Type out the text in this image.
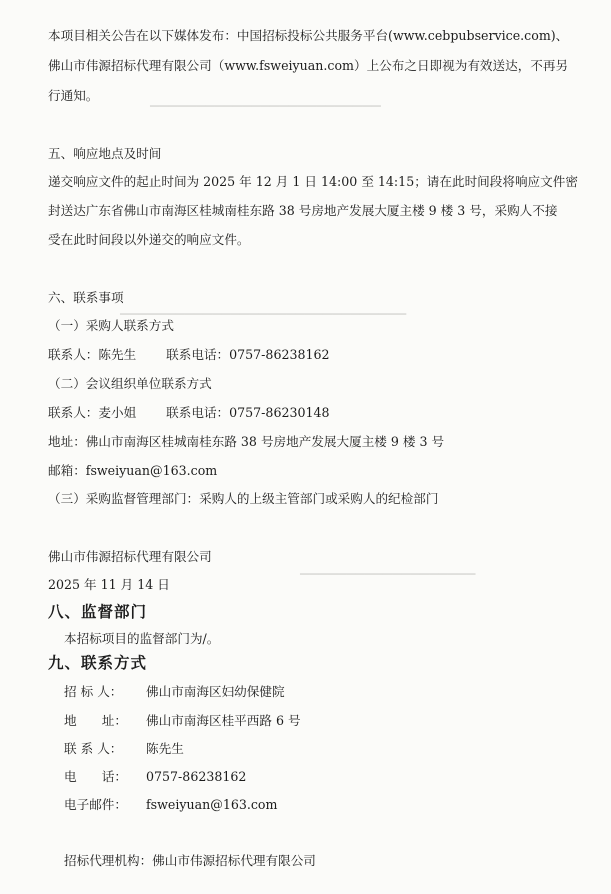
▁▁▁▁▁▁▁▁▁▁▁▁▁▁▁▁▁▁▁▁▁▁▁▁▁
▁▁▁▁▁▁▁▁▁▁▁▁▁▁▁▁▁▁▁▁▁▁▁▁▁▁▁▁▁▁▁
▁▁▁▁▁▁▁▁▁▁▁▁▁▁▁▁▁▁▁
本项目相关公告在以下媒体发布：中国招标投标公共服务平台(www.cebpubservice.com)、
佛山市伟源招标代理有限公司（www.fsweiyuan.com）上公布之日即视为有效送达，不再另
行通知。
五、响应地点及时间
递交响应文件的起止时间为 2025 年 12 月 1 日 14:00 至 14:15；请在此时间段将响应文件密
封送达广东省佛山市南海区桂城南桂东路 38 号房地产发展大厦主楼 9 楼 3 号，采购人不接
受在此时间段以外递交的响应文件。
六、联系事项
（一）采购人联系方式
联系人：陈先生 联系电话：0757-86238162
（二）会议组织单位联系方式
联系人：麦小姐 联系电话：0757-86230148
地址：佛山市南海区桂城南桂东路 38 号房地产发展大厦主楼 9 楼 3 号
邮箱：fsweiyuan@163.com
（三）采购监督管理部门：采购人的上级主管部门或采购人的纪检部门
佛山市伟源招标代理有限公司
2025 年 11 月 14 日
八、监督部门
本招标项目的监督部门为/。
九、联系方式
招 标 人： 佛山市南海区妇幼保健院
地　　址： 佛山市南海区桂平西路 6 号
联 系 人： 陈先生
电　　话： 0757-86238162
电子邮件： fsweiyuan@163.com
招标代理机构：佛山市伟源招标代理有限公司
